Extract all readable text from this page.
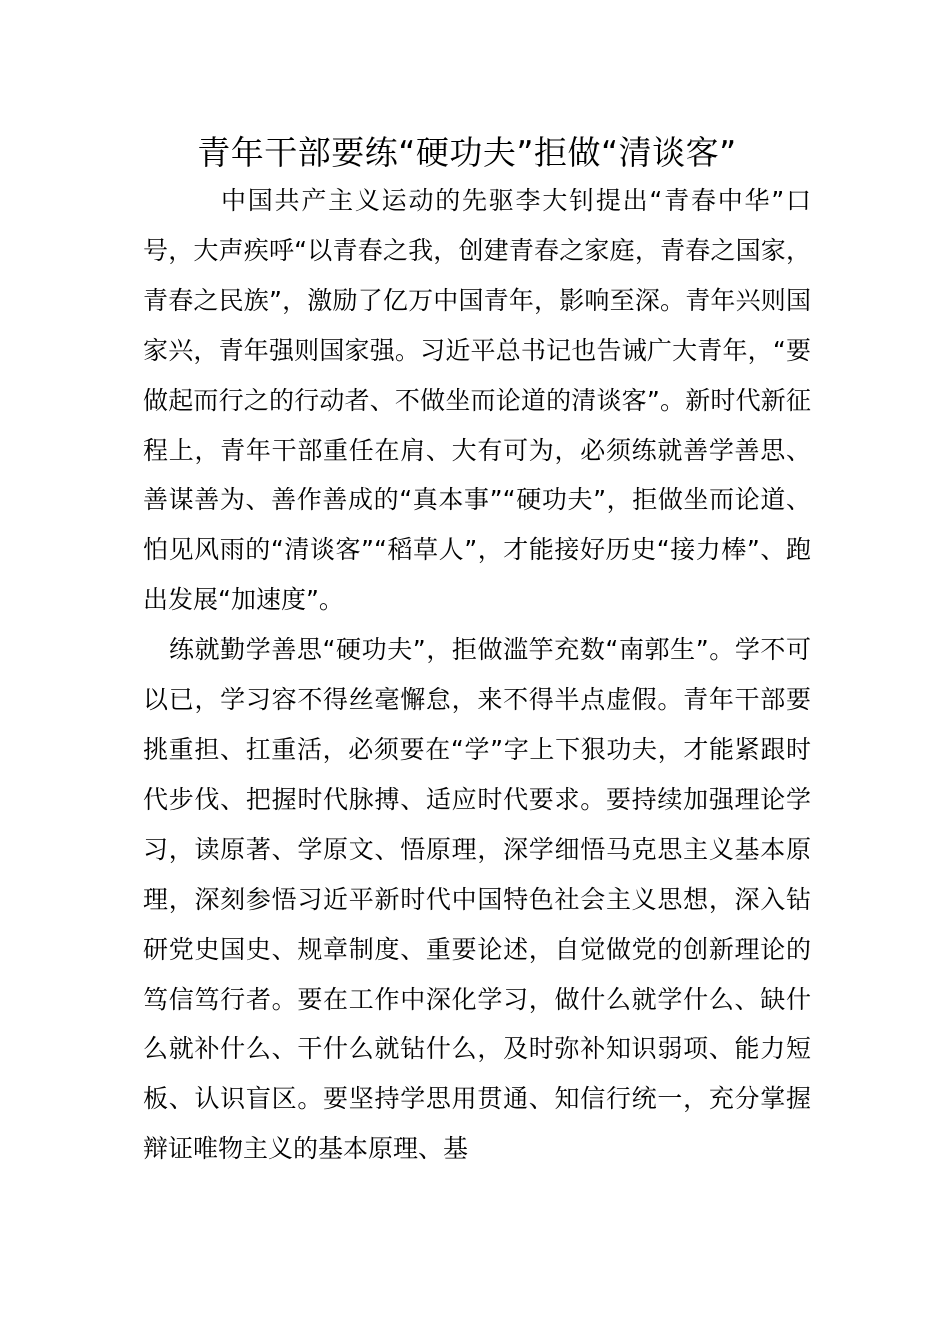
青年干部要练“硬功夫”拒做“清谈客”

中国共产主义运动的先驱李大钊提出“青春中华”口号，大声疾呼“以青春之我，创建青春之家庭，青春之国家，青春之民族”，激励了亿万中国青年，影响至深。青年兴则国家兴，青年强则国家强。习近平总书记也告诫广大青年，“要做起而行之的行动者、不做坐而论道的清谈客”。新时代新征程上，青年干部重任在肩、大有可为，必须练就善学善思、善谋善为、善作善成的“真本事”“硬功夫”，拒做坐而论道、怕见风雨的“清谈客”“稻草人”，才能接好历史“接力棒”、跑出发展“加速度”。

练就勤学善思“硬功夫”，拒做滥竽充数“南郭生”。学不可以已，学习容不得丝毫懈怠，来不得半点虚假。青年干部要挑重担、扛重活，必须要在“学”字上下狠功夫，才能紧跟时代步伐、把握时代脉搏、适应时代要求。要持续加强理论学习，读原著、学原文、悟原理，深学细悟马克思主义基本原理，深刻参悟习近平新时代中国特色社会主义思想，深入钻研党史国史、规章制度、重要论述，自觉做党的创新理论的笃信笃行者。要在工作中深化学习，做什么就学什么、缺什么就补什么、干什么就钻什么，及时弥补知识弱项、能力短板、认识盲区。要坚持学思用贯通、知信行统一，充分掌握辩证唯物主义的基本原理、基
